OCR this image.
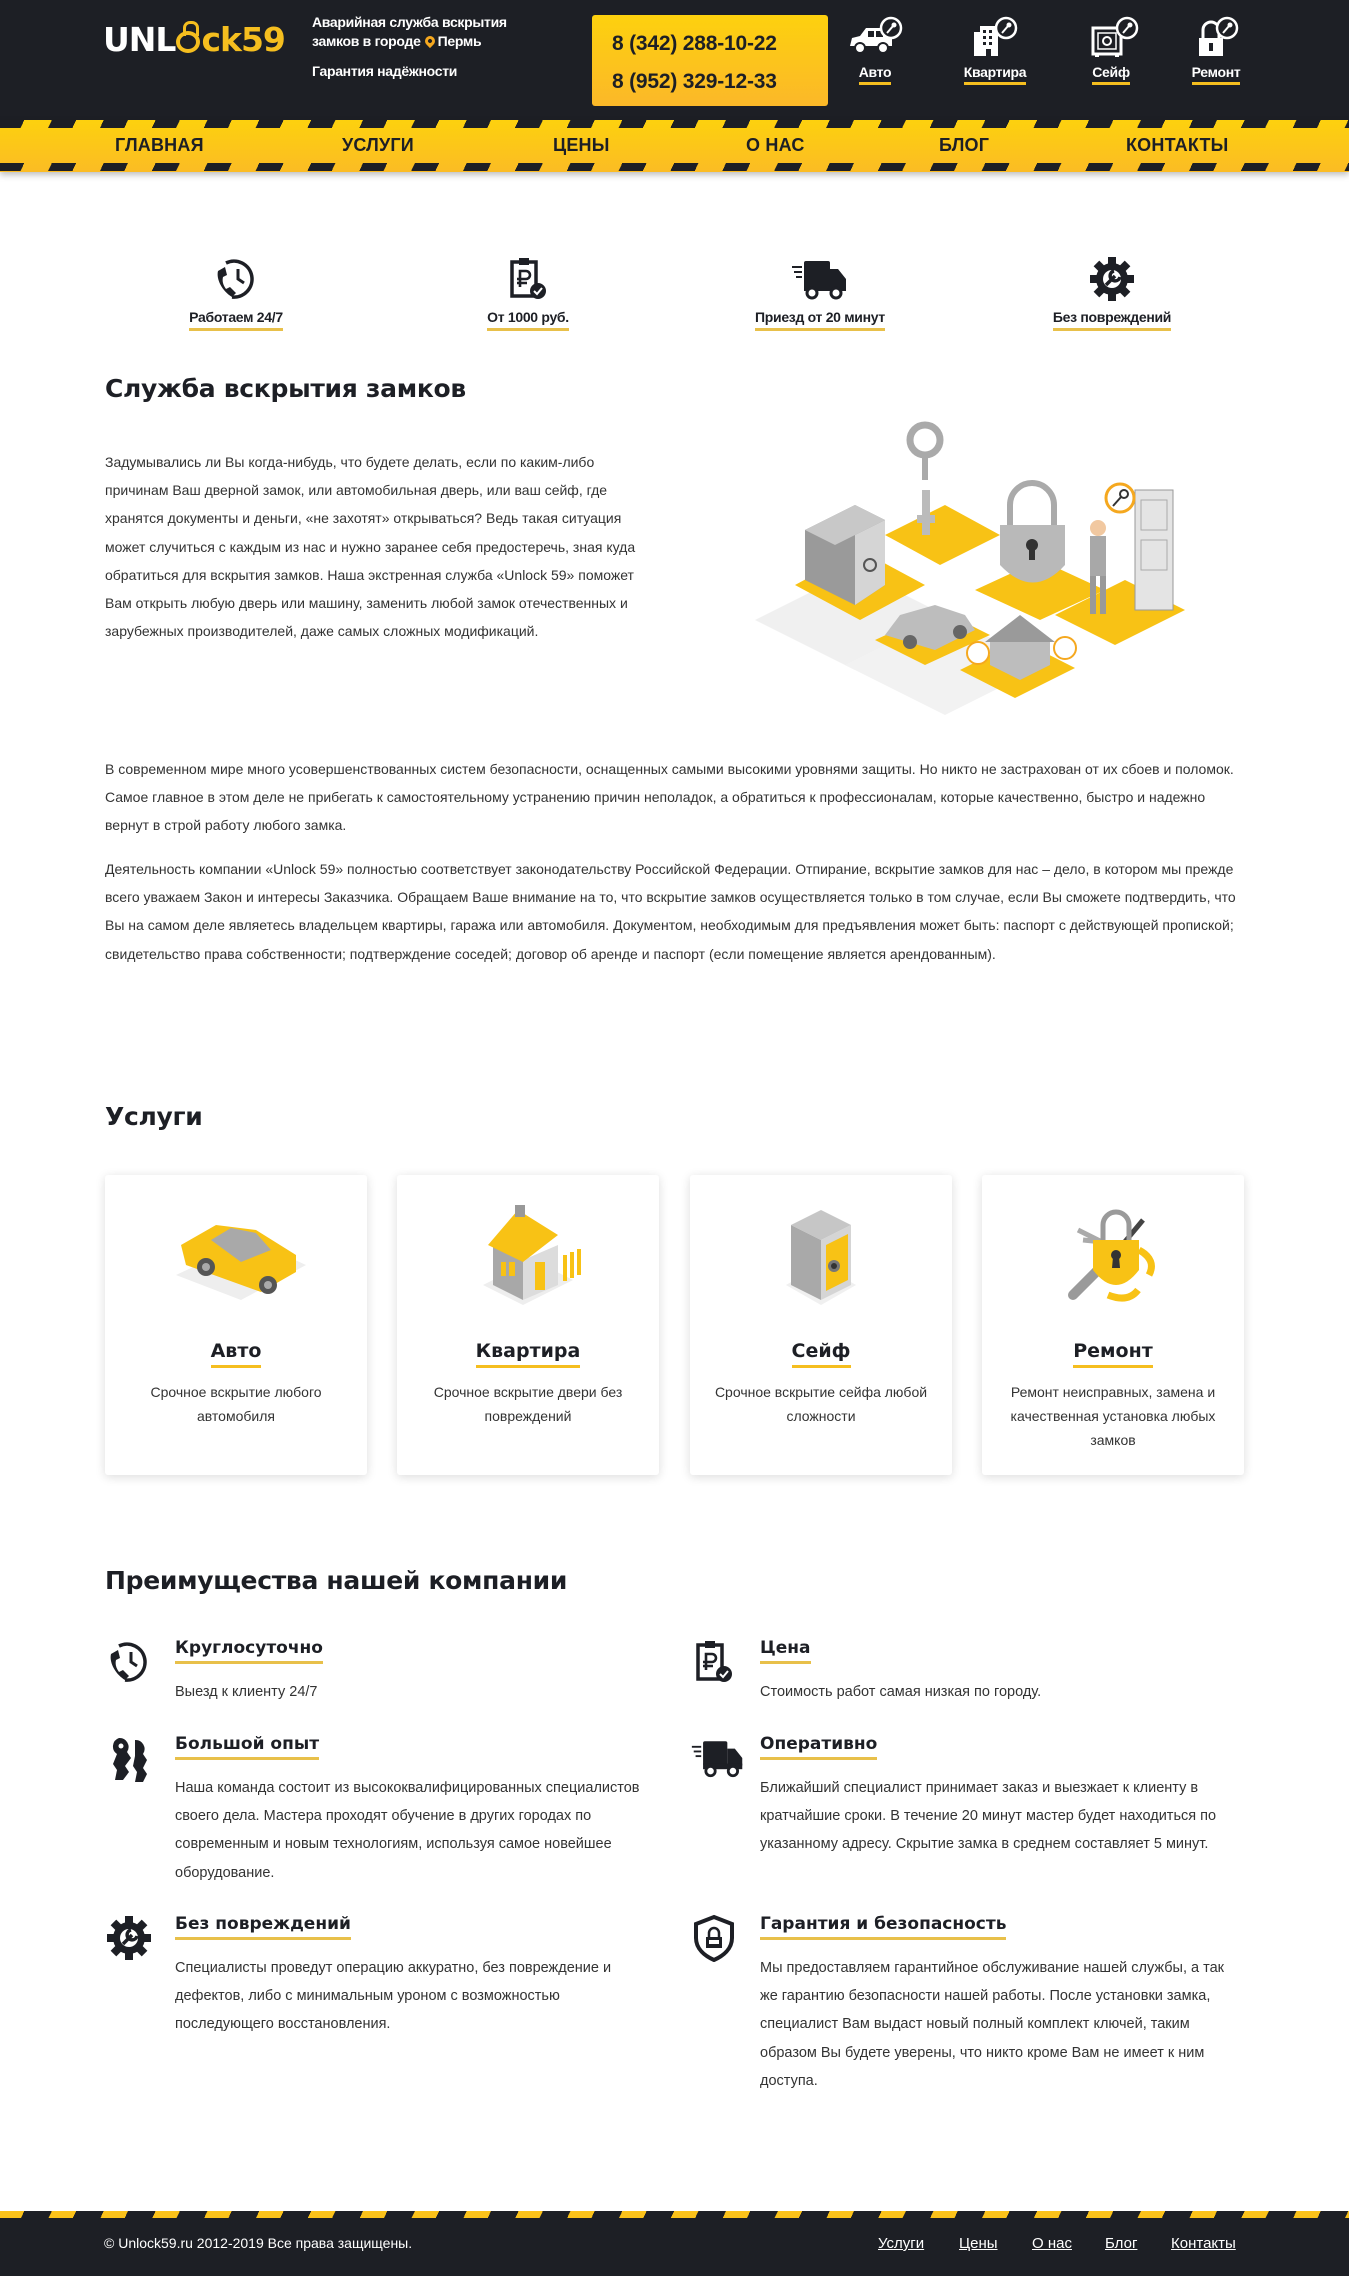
UNL ck59 Аварийная служба вскрытия
замков в городе Пермь
Гарантия надёжности
8 (342) 288-10-22
8 (952) 329-12-33	Авто	Квартира	Сейф	Ремонт
ГЛАВНАЯ	УСЛУГИ	ЦЕНЫ	О НАС	БЛОГ	КОНТАКТЫ
Работаем 24/7	От 1000 руб.	Приезд от 20 минут	Без повреждений
Служба вскрытия замков

Задумывались ли Вы когда-нибудь, что будете делать, если по каким-либо причинам Ваш дверной замок, или автомобильная дверь, или ваш сейф, где хранятся документы и деньги, «не захотят» открываться? Ведь такая ситуация может случиться с каждым из нас и нужно заранее себя предостеречь, зная куда обратиться для вскрытия замков. Наша экстренная служба «Unlock 59» поможет Вам открыть любую дверь или машину, заменить любой замок отечественных и зарубежных производителей, даже самых сложных модификаций.

В современном мире много усовершенствованных систем безопасности, оснащенных самыми высокими уровнями защиты. Но никто не застрахован от их сбоев и поломок. Самое главное в этом деле не прибегать к самостоятельному устранению причин неполадок, а обратиться к профессионалам, которые качественно, быстро и надежно вернут в строй работу любого замка.

Деятельность компании «Unlock 59» полностью соответствует законодательству Российской Федерации. Отпирание, вскрытие замков для нас – дело, в котором мы прежде всего уважаем Закон и интересы Заказчика. Обращаем Ваше внимание на то, что вскрытие замков осуществляется только в том случае, если Вы сможете подтвердить, что Вы на самом деле являетесь владельцем квартиры, гаража или автомобиля. Документом, необходимым для предъявления может быть: паспорт с действующей пропиской; свидетельство права собственности; подтверждение соседей; договор об аренде и паспорт (если помещение является арендованным).

Услуги
Авто
Срочное вскрытие любого автомобиля
Квартира
Срочное вскрытие двери без повреждений
Сейф
Срочное вскрытие сейфа любой сложности
Ремонт
Ремонт неисправных, замена и качественная установка любых замков
Преимущества нашей компании
Круглосуточно
Выезд к клиенту 24/7
Цена
Стоимость работ самая низкая по городу.
Большой опыт
Наша команда состоит из высококвалифицированных специалистов своего дела. Мастера проходят обучение в других городах по современным и новым технологиям, используя самое новейшее оборудование.
Оперативно
Ближайший специалист принимает заказ и выезжает к клиенту в кратчайшие сроки. В течение 20 минут мастер будет находиться по указанному адресу. Скрытие замка в среднем составляет 5 минут.
Без повреждений
Специалисты проведут операцию аккуратно, без повреждение и дефектов, либо с минимальным уроном с возможностью последующего восстановления.
Гарантия и безопасность
Мы предоставляем гарантийное обслуживание нашей службы, а так же гарантию безопасности нашей работы. После установки замка, специалист Вам выдаст новый полный комплект ключей, таким образом Вы будете уверены, что никто кроме Вам не имеет к ним доступа.
© Unlock59.ru 2012-2019 Все права защищены.	Услуги Цены О нас Блог Контакты
